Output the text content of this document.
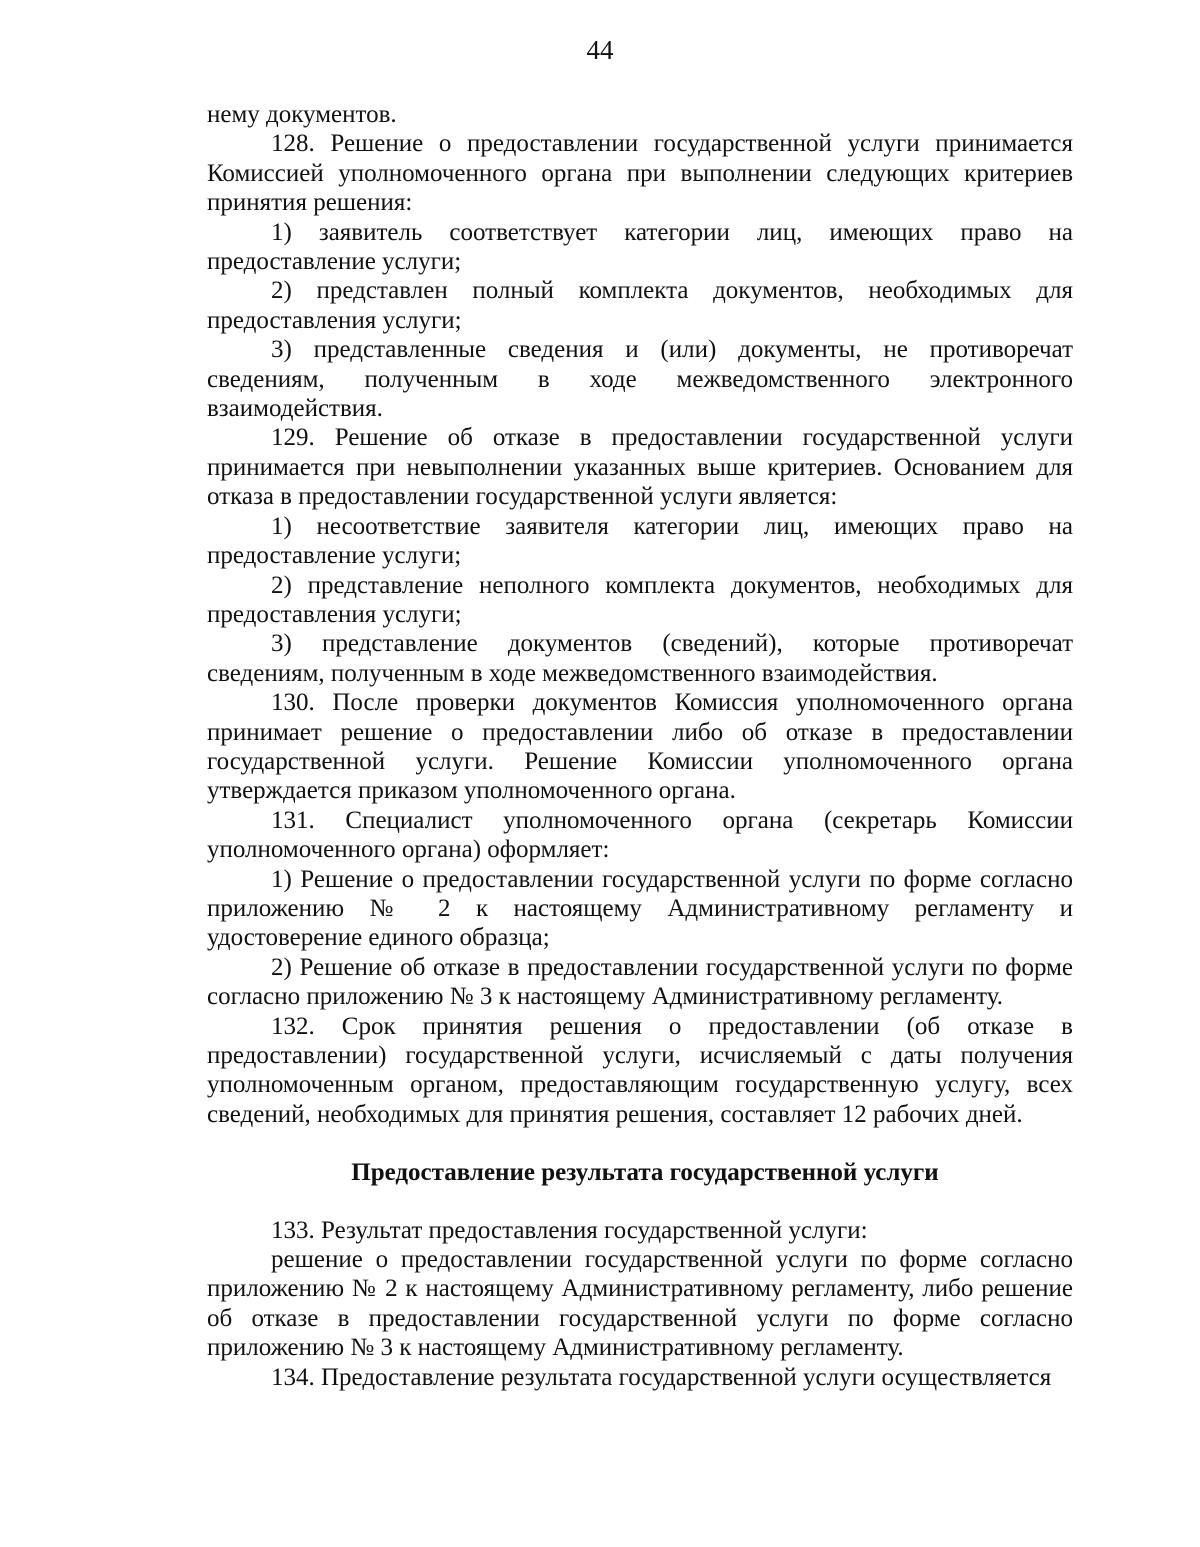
44

нему документов.

128. Решение о предоставлении государственной услуги принимается Комиссией уполномоченного органа при выполнении следующих критериев принятия решения:

1) заявитель соответствует категории лиц, имеющих право на предоставление услуги;

2) представлен полный комплекта документов, необходимых для предоставления услуги;

3) представленные сведения и (или) документы, не противоречат сведениям, полученным в ходе межведомственного электронного взаимодействия.

129. Решение об отказе в предоставлении государственной услуги принимается при невыполнении указанных выше критериев. Основанием для отказа в предоставлении государственной услуги является:

1) несоответствие заявителя категории лиц, имеющих право на предоставление услуги;

2) представление неполного комплекта документов, необходимых для предоставления услуги;

3) представление документов (сведений), которые противоречат сведениям, полученным в ходе межведомственного взаимодействия.

130. После проверки документов Комиссия уполномоченного органа принимает решение о предоставлении либо об отказе в предоставлении государственной услуги. Решение Комиссии уполномоченного органа утверждается приказом уполномоченного органа.

131. Специалист уполномоченного органа (секретарь Комиссии уполномоченного органа) оформляет:

1) Решение о предоставлении государственной услуги по форме согласно приложению № 2 к настоящему Административному регламенту и удостоверение единого образца;

2) Решение об отказе в предоставлении государственной услуги по форме согласно приложению № 3 к настоящему Административному регламенту.

132. Срок принятия решения о предоставлении (об отказе в предоставлении) государственной услуги, исчисляемый с даты получения уполномоченным органом, предоставляющим государственную услугу, всех сведений, необходимых для принятия решения, составляет 12 рабочих дней.

Предоставление результата государственной услуги

133. Результат предоставления государственной услуги:

решение о предоставлении государственной услуги по форме согласно приложению № 2 к настоящему Административному регламенту, либо решение об отказе в предоставлении государственной услуги по форме согласно приложению № 3 к настоящему Административному регламенту.

134. Предоставление результата государственной услуги осуществляется
